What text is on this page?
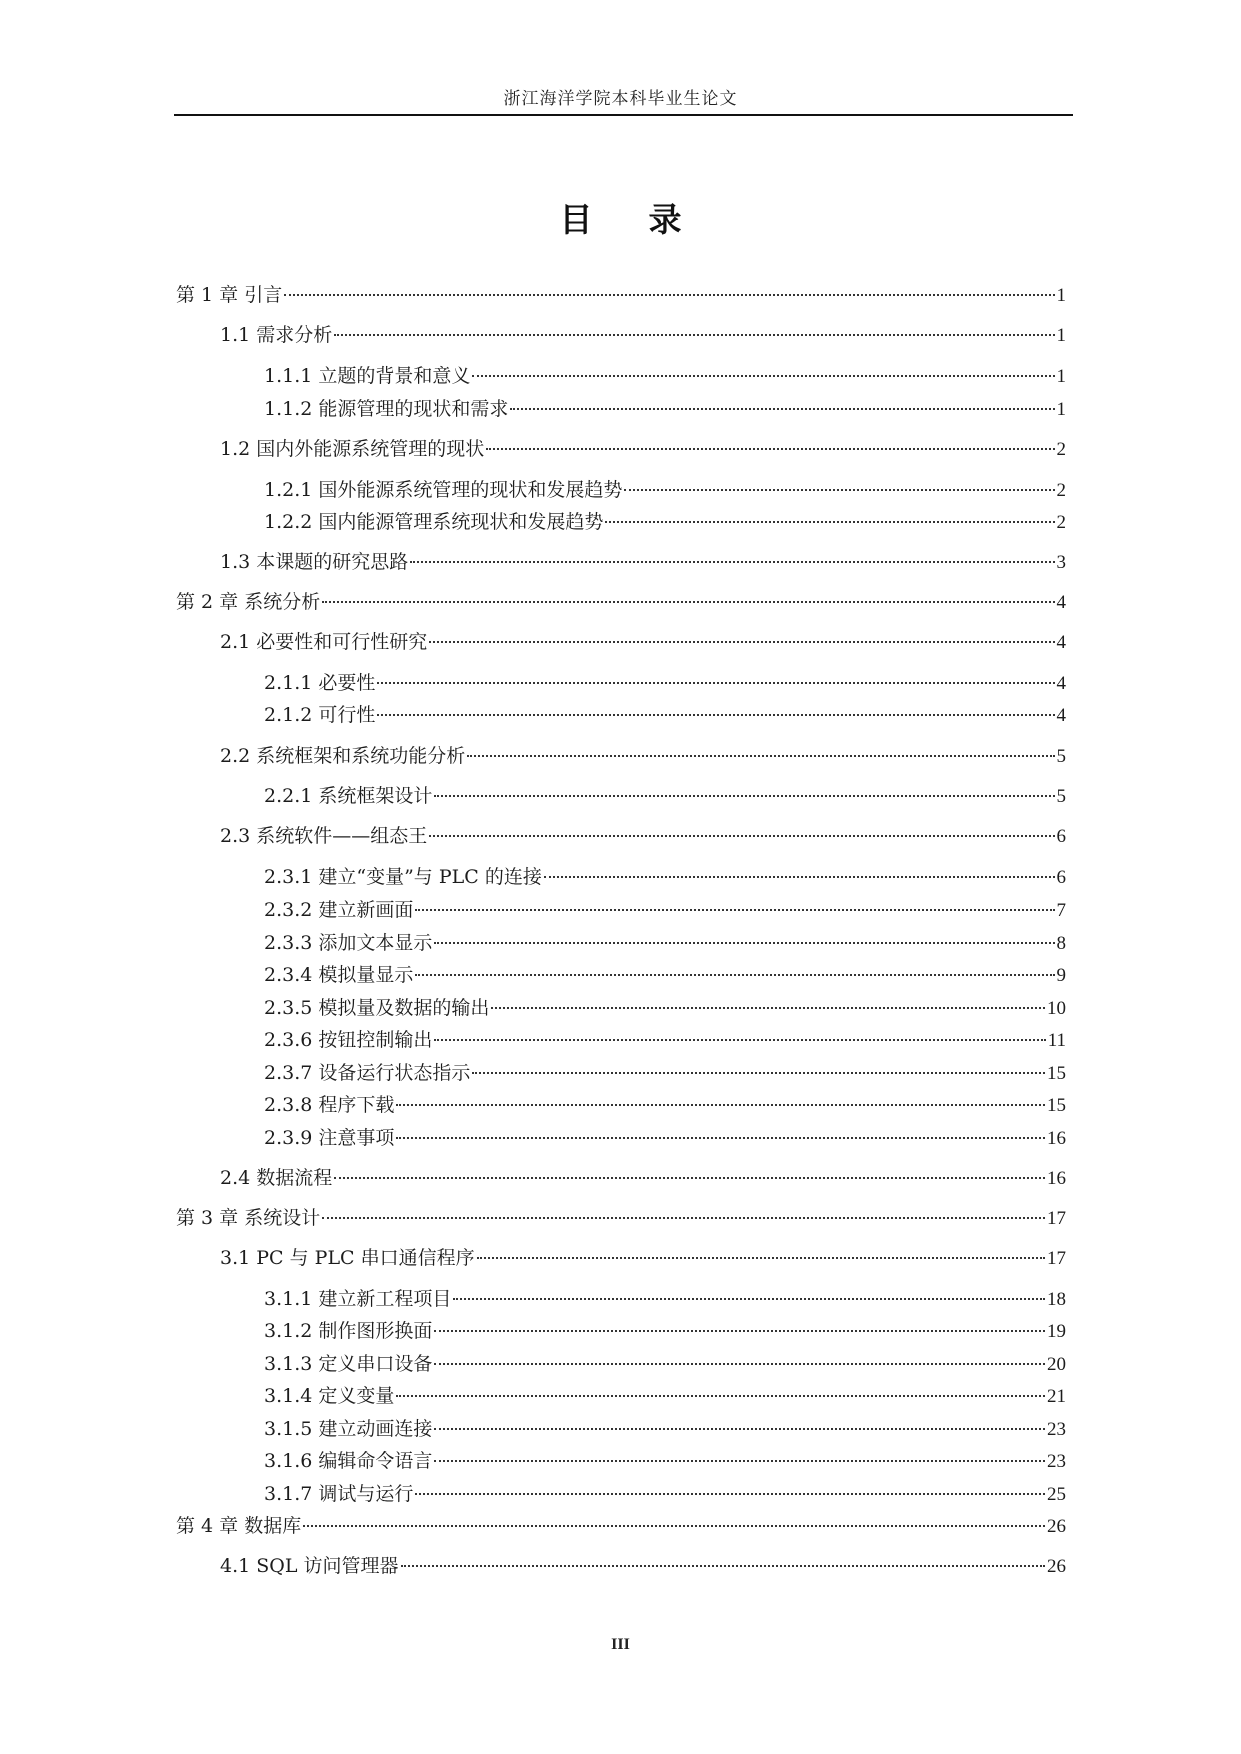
浙江海洋学院本科毕业生论文
目录
第 1 章 引言	1
1.1 需求分析	1
1.1.1 立题的背景和意义	1
1.1.2 能源管理的现状和需求	1
1.2 国内外能源系统管理的现状	2
1.2.1 国外能源系统管理的现状和发展趋势	2
1.2.2 国内能源管理系统现状和发展趋势	2
1.3 本课题的研究思路	3
第 2 章 系统分析	4
2.1 必要性和可行性研究	4
2.1.1 必要性	4
2.1.2 可行性	4
2.2 系统框架和系统功能分析	5
2.2.1 系统框架设计	5
2.3 系统软件——组态王	6
2.3.1 建立“变量”与 PLC 的连接	6
2.3.2 建立新画面	7
2.3.3 添加文本显示	8
2.3.4 模拟量显示	9
2.3.5 模拟量及数据的输出	10
2.3.6 按钮控制输出	11
2.3.7 设备运行状态指示	15
2.3.8 程序下载	15
2.3.9 注意事项	16
2.4 数据流程	16
第 3 章 系统设计	17
3.1 PC 与 PLC 串口通信程序	17
3.1.1 建立新工程项目	18
3.1.2 制作图形换面	19
3.1.3 定义串口设备	20
3.1.4 定义变量	21
3.1.5 建立动画连接	23
3.1.6 编辑命令语言	23
3.1.7 调试与运行	25
第 4 章 数据库	26
4.1 SQL 访问管理器	26
III
